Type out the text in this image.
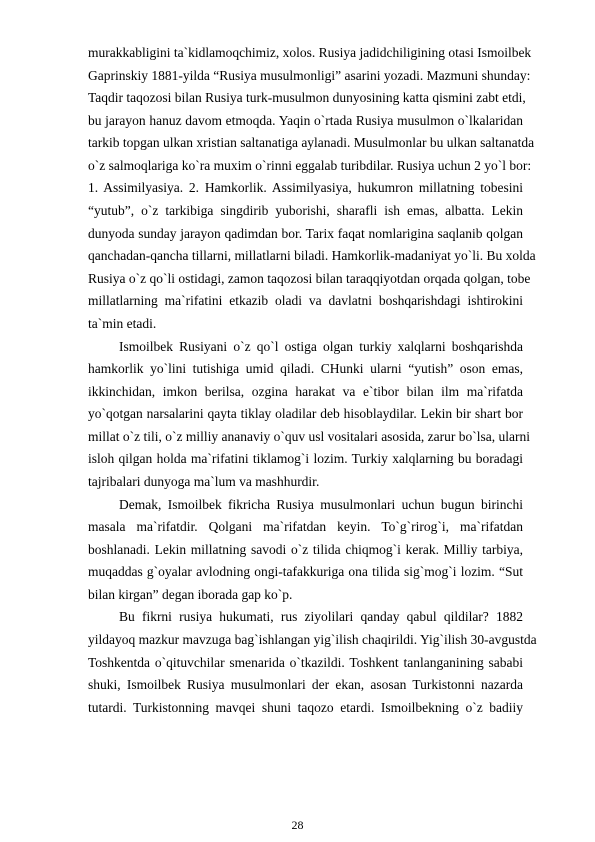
murakkabligini ta`kidlamoqchimiz, xolos. Rusiya jadidchiligining otasi Ismoilbek
Gaprinskiy 1881-yilda “Rusiya musulmonligi” asarini yozadi. Mazmuni shunday:
Taqdir taqozosi bilan Rusiya turk-musulmon dunyosining katta qismini zabt etdi,
bu jarayon hanuz davom etmoqda. Yaqin o`rtada Rusiya musulmon o`lkalaridan
tarkib topgan ulkan xristian saltanatiga aylanadi. Musulmonlar bu ulkan saltanatda
o`z salmoqlariga ko`ra muxim o`rinni eggalab turibdilar. Rusiya uchun 2 yo`l bor:
1. Assimilyasiya. 2. Hamkorlik. Assimilyasiya, hukumron millatning tobesini
“yutub”, o`z tarkibiga singdirib yuborishi, sharafli ish emas, albatta. Lekin
dunyoda sunday jarayon qadimdan bor. Tarix faqat nomlarigina saqlanib qolgan
qanchadan-qancha tillarni, millatlarni biladi. Hamkorlik-madaniyat yo`li. Bu xolda
Rusiya o`z qo`li ostidagi, zamon taqozosi bilan taraqqiyotdan orqada qolgan, tobe
millatlarning ma`rifatini etkazib oladi va davlatni boshqarishdagi ishtirokini
ta`min etadi.
Ismoilbek Rusiyani o`z qo`l ostiga olgan turkiy xalqlarni boshqarishda
hamkorlik yo`lini tutishiga umid qiladi. CHunki ularni “yutish” oson emas,
ikkinchidan, imkon berilsa, ozgina harakat va e`tibor bilan ilm ma`rifatda
yo`qotgan narsalarini qayta tiklay oladilar deb hisoblaydilar. Lekin bir shart bor
millat o`z tili, o`z milliy ananaviy o`quv usl vositalari asosida, zarur bo`lsa, ularni
isloh qilgan holda ma`rifatini tiklamog`i lozim. Turkiy xalqlarning bu boradagi
tajribalari dunyoga ma`lum va mashhurdir.
Demak, Ismoilbek fikricha Rusiya musulmonlari uchun bugun birinchi
masala ma`rifatdir. Qolgani ma`rifatdan keyin. To`g`rirog`i, ma`rifatdan
boshlanadi. Lekin millatning savodi o`z tilida chiqmog`i kerak. Milliy tarbiya,
muqaddas g`oyalar avlodning ongi-tafakkuriga ona tilida sig`mog`i lozim. “Sut
bilan kirgan” degan iborada gap ko`p.
Bu fikrni rusiya hukumati, rus ziyolilari qanday qabul qildilar? 1882
yildayoq mazkur mavzuga bag`ishlangan yig`ilish chaqirildi. Yig`ilish 30-avgustda
Toshkentda o`qituvchilar smenarida o`tkazildi. Toshkent tanlanganining sababi
shuki, Ismoilbek Rusiya musulmonlari der ekan, asosan Turkistonni nazarda
tutardi. Turkistonning mavqei shuni taqozo etardi. Ismoilbekning o`z badiiy
28
